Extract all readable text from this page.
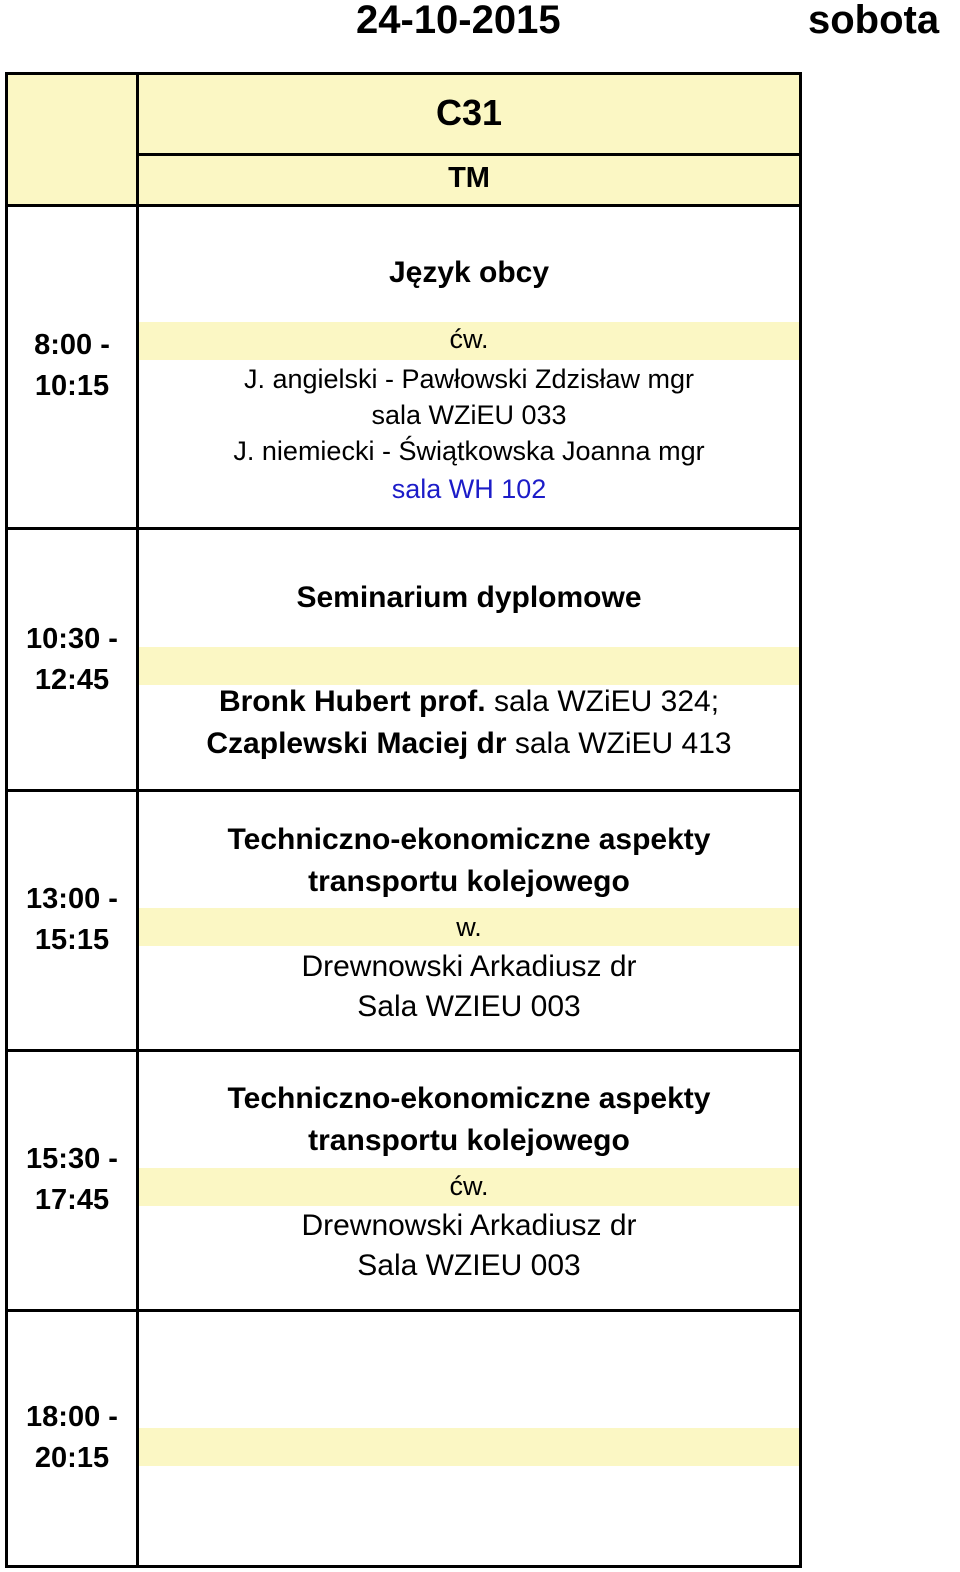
24-10-2015	sobota
C31
TM
8:00 -
10:15
Język obcy
ćw.
J. angielski - Pawłowski Zdzisław mgr
sala WZiEU 033
J. niemiecki - Świątkowska Joanna mgr
sala WH 102
10:30 -
12:45
Seminarium dyplomowe
Bronk Hubert prof. sala WZiEU 324;
Czaplewski Maciej dr sala WZiEU 413
13:00 -
15:15
Techniczno-ekonomiczne aspekty
transportu kolejowego
w.
Drewnowski Arkadiusz dr
Sala WZIEU 003
15:30 -
17:45
Techniczno-ekonomiczne aspekty
transportu kolejowego
ćw.
Drewnowski Arkadiusz dr
Sala WZIEU 003
18:00 -
20:15
